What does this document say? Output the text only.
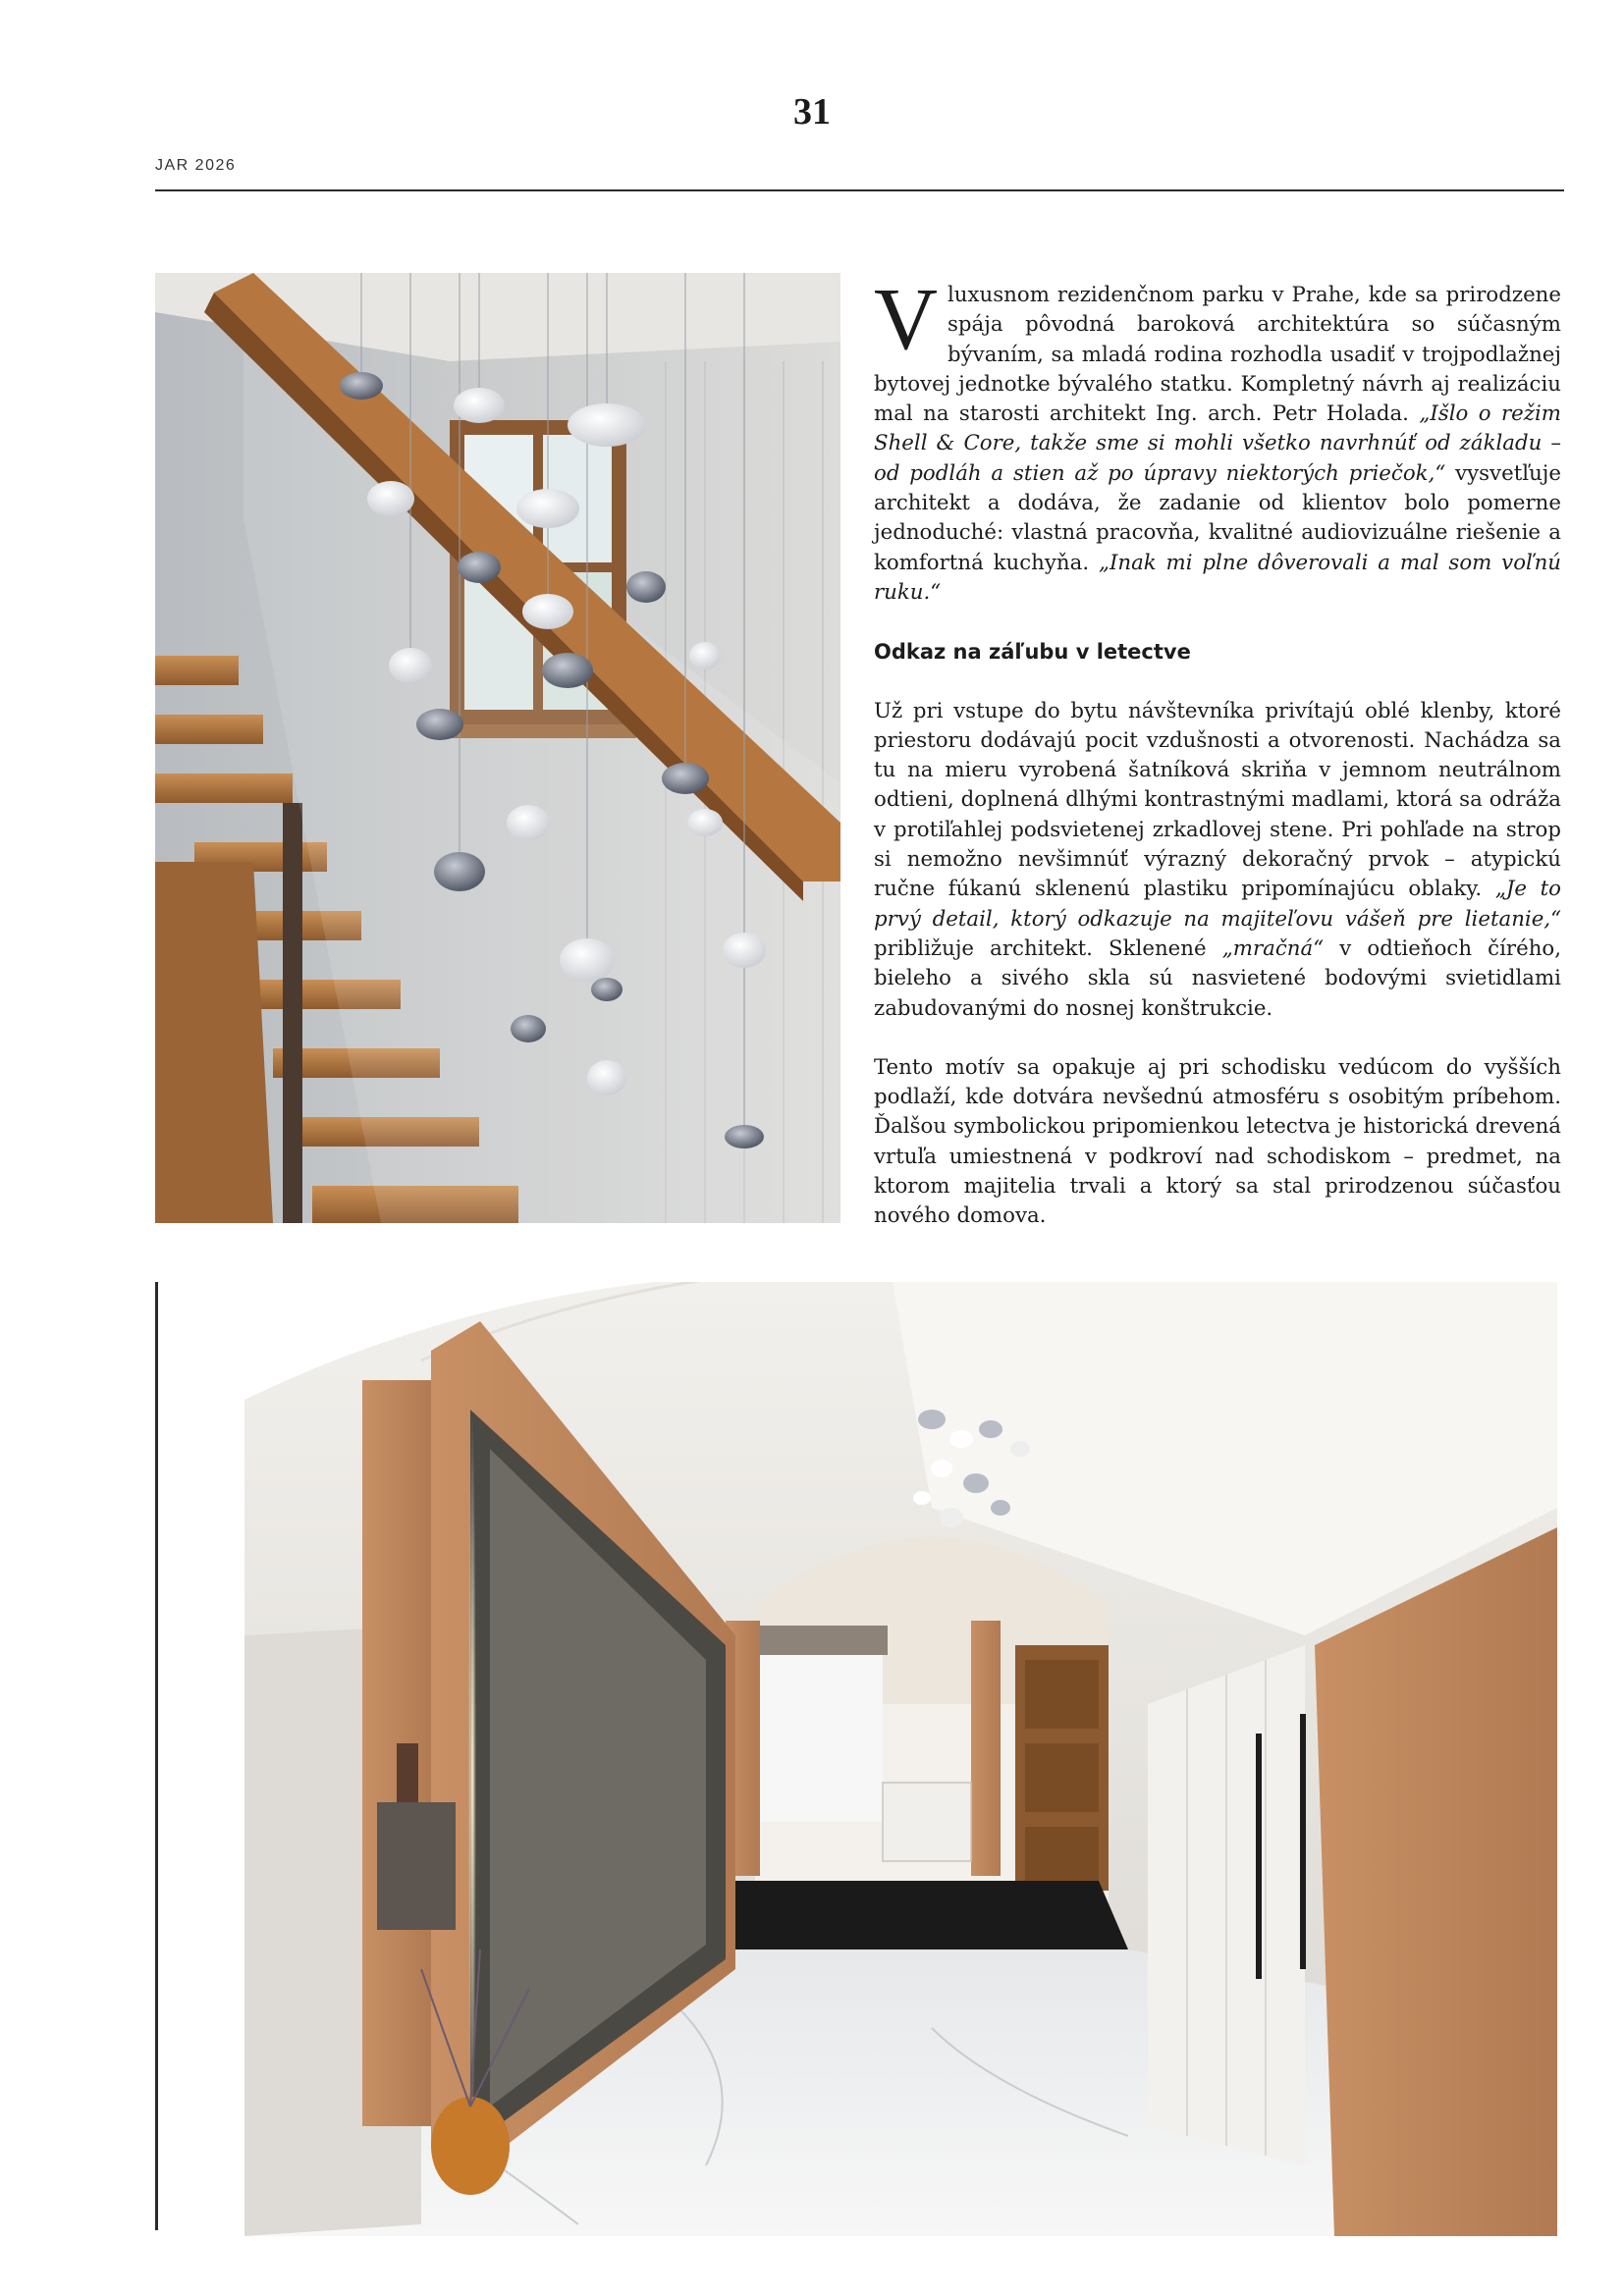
31
JAR 2026

V luxusnom rezidenčnom parku v Prahe, kde sa prirodzene spája pôvodná baroková architektúra so súčasným bývaním, sa mladá rodina rozhodla usadiť v trojpodlažnej bytovej jednotke bývalého statku. Kompletný návrh aj realizáciu mal na starosti architekt Ing. arch. Petr Holada. „Išlo o režim Shell & Core, takže sme si mohli všetko navrhnúť od základu – od podláh a stien až po úpravy niektorých priečok,“ vysvetľuje architekt a dodáva, že zadanie od klientov bolo pomerne jednoduché: vlastná pracovňa, kvalitné audiovizuálne riešenie a komfortná kuchyňa. „Inak mi plne dôverovali a mal som voľnú ruku.“

Odkaz na záľubu v letectve

Už pri vstupe do bytu návštevníka privítajú oblé klenby, ktoré priestoru dodávajú pocit vzdušnosti a otvorenosti. Nachádza sa tu na mieru vyrobená šatníková skriňa v jemnom neutrálnom odtieni, doplnená dlhými kontrastnými madlami, ktorá sa odráža v protiľahlej podsvietenej zrkadlovej stene. Pri pohľade na strop si nemožno nevšimnúť výrazný dekoračný prvok – atypickú ručne fúkanú sklenenú plastiku pripomínajúcu oblaky. „Je to prvý detail, ktorý odkazuje na majiteľovu vášeň pre lietanie,“ približuje architekt. Sklenené „mračná“ v odtieňoch čírého, bieleho a sivého skla sú nasvietené bodovými svietidlami zabudovanými do nosnej konštrukcie.

Tento motív sa opakuje aj pri schodisku vedúcom do vyšších podlaží, kde dotvára nevšednú atmosféru s osobitým príbehom. Ďalšou symbolickou pripomienkou letectva je historická drevená vrtuľa umiestnená v podkroví nad schodiskom – predmet, na ktorom majitelia trvali a ktorý sa stal prirodzenou súčasťou nového domova.
